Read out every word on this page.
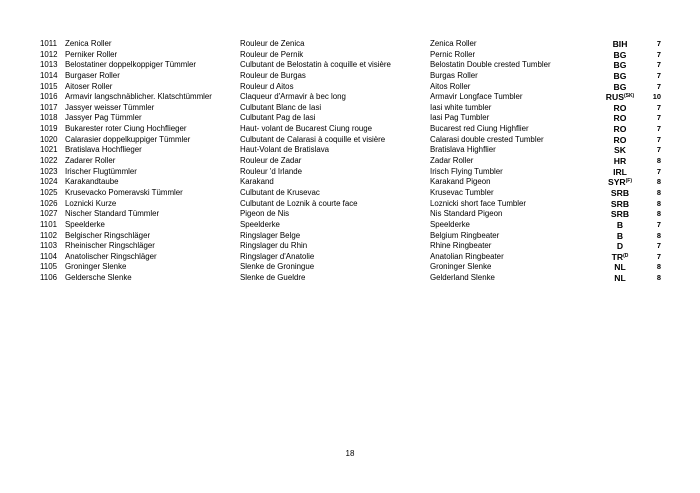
1011 Zenica Roller	Rouleur de Zenica	Zenica Roller	BIH	7
1012 Perniker Roller	Rouleur de Pernik	Pernic Roller	BG	7
1013 Belostatiner doppelkoppiger Tümmler	Culbutant de Belostatin à coquille et visière	Belostatin Double crested Tumbler	BG	7
1014 Burgaser Roller	Rouleur de Burgas	Burgas Roller	BG	7
1015 Aitoser Roller	Rouleur d Aitos	Aitos Roller	BG	7
1016 Armavir langschnäblicher. Klatschtümmler	Claqueur d'Armavir à bec long	Armavir Longface Tumbler	$RUS^{(SK)}$	10
1017 Jassyer weisser Tümmler	Culbutant Blanc de Iasi	Iasi white tumbler	RO	7
1018 Jassyer Pag Tümmler	Culbutant Pag de Iasi	Iasi Pag Tumbler	RO	7
1019 Bukarester roter Ciung Hochflieger	Haut- volant de Bucarest Ciung rouge	Bucarest red Ciung Highflier	RO	7
1020 Calarasier doppelkuppiger Tümmler	Culbutant de Calarasi à coquille et visière	Calarasi double crested Tumbler	RO	7
1021 Bratislava Hochflieger	Haut-Volant de Bratislava	Bratislava Highflier	SK	7
1022 Zadarer Roller	Rouleur de Zadar	Zadar Roller	HR	8
1023 Irischer Flugtümmler	Rouleur 'd Irlande	Irisch Flying Tumbler	IRL	7
1024 Karakandtaube	Karakand	Karakand Pigeon	$SYR^{(F)}$	8
1025 Krusevacko Pomeravski Tümmler	Culbutant de Krusevac	Krusevac Tumbler	SRB	8
1026 Loznicki Kurze	Culbutant de Loznik à courte face	Loznicki short face Tumbler	SRB	8
1027 Nischer Standard Tümmler	Pigeon de Nis	Nis Standard Pigeon	SRB	8
1101 Speelderke	Speelderke	Speelderke	B	7
1102 Belgischer Ringschläger	Ringslager Belge	Belgium Ringbeater	B	8
1103 Rheinischer Ringschläger	Ringslager du Rhin	Rhine Ringbeater	D	7
1104 Anatolischer Ringschläger	Ringslager d'Anatolie	Anatolian Ringbeater	$TR^{(D}$	7
1105 Groninger Slenke	Slenke de Groningue	Groninger Slenke	NL	8
1106 Geldersche Slenke	Slenke de Gueldre	Gelderland Slenke	NL	8
18
